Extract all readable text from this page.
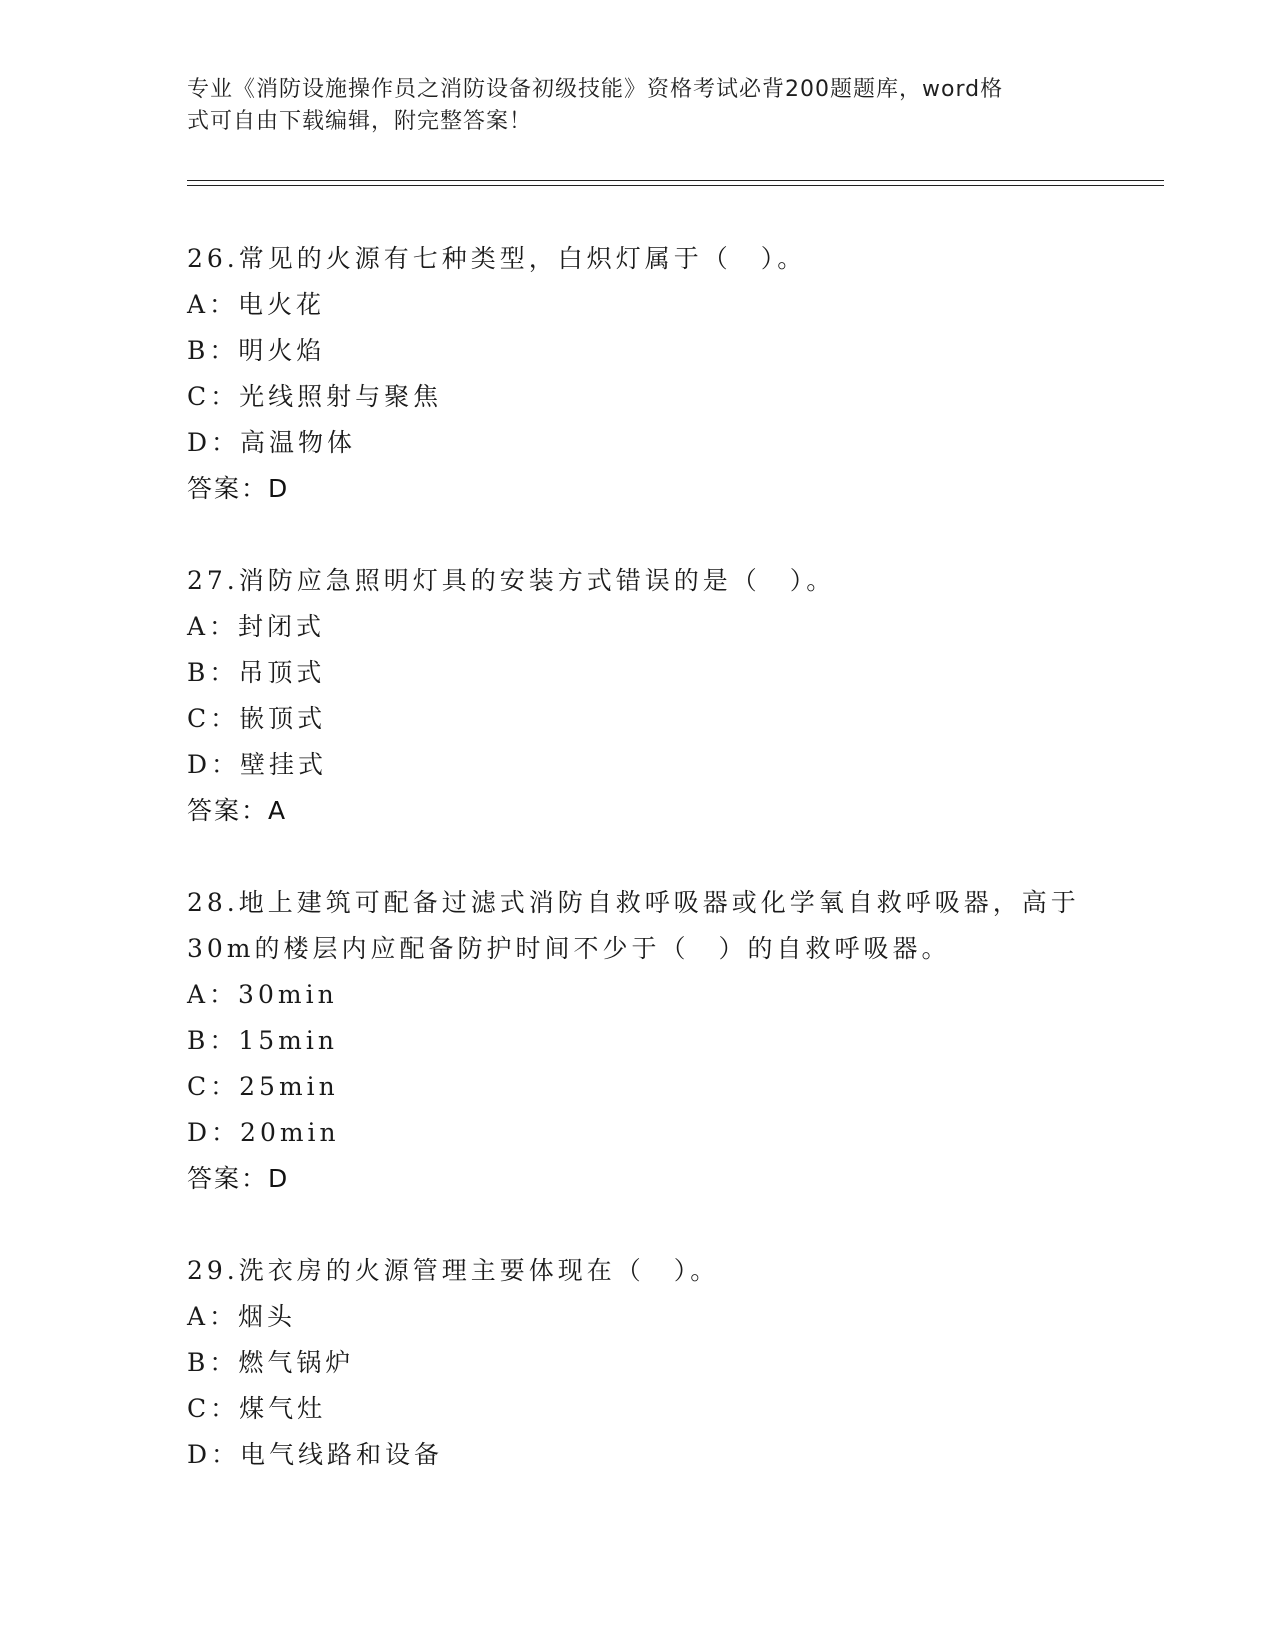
专业《消防设施操作员之消防设备初级技能》资格考试必背200题题库，word格
式可自由下载编辑，附完整答案！
26.常见的火源有七种类型，白炽灯属于（　）。
A：电火花
B：明火焰
C：光线照射与聚焦
D：高温物体
答案：D
27.消防应急照明灯具的安装方式错误的是（　）。
A：封闭式
B：吊顶式
C：嵌顶式
D：壁挂式
答案：A
28.地上建筑可配备过滤式消防自救呼吸器或化学氧自救呼吸器，高于
30m的楼层内应配备防护时间不少于（　）的自救呼吸器。
A：30min
B：15min
C：25min
D：20min
答案：D
29.洗衣房的火源管理主要体现在（　）。
A：烟头
B：燃气锅炉
C：煤气灶
D：电气线路和设备
